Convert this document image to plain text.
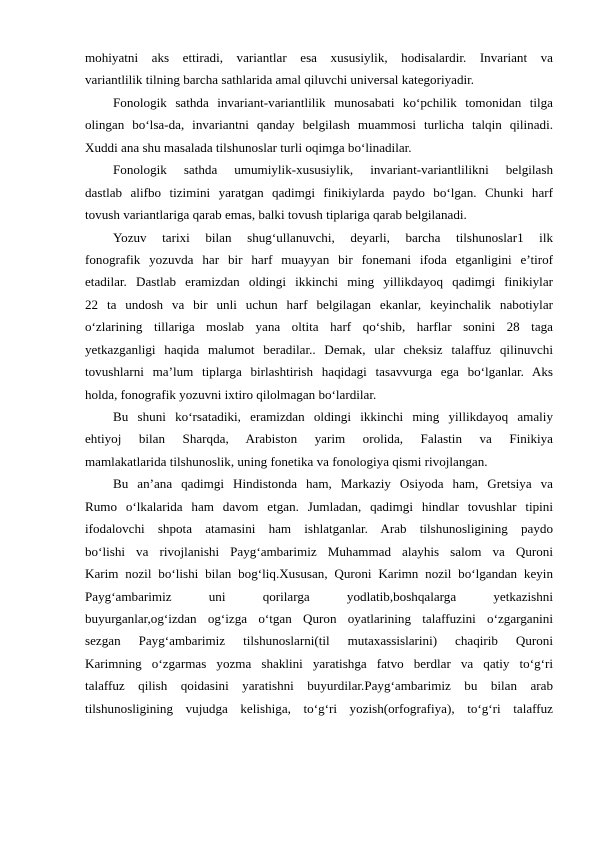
mohiyatni aks ettiradi, variantlar esa xususiylik, hodisalardir. Invariant va
variantlilik tilning barcha sathlarida amal qiluvchi universal kategoriyadir.
Fonologik sathda invariant-variantlilik munosabati ko‘pchilik tomonidan tilga
olingan bo‘lsa-da, invariantni qanday belgilash muammosi turlicha talqin qilinadi.
Xuddi ana shu masalada tilshunoslar turli oqimga bo‘linadilar.
Fonologik sathda umumiylik-xususiylik, invariant-variantlilikni belgilash
dastlab alifbo tizimini yaratgan qadimgi finikiylarda paydo bo‘lgan. Chunki harf
tovush variantlariga qarab emas, balki tovush tiplariga qarab belgilanadi.
Yozuv tarixi bilan shug‘ullanuvchi, deyarli, barcha tilshunoslar1 ilk
fonografik yozuvda har bir harf muayyan bir fonemani ifoda etganligini e’tirof
etadilar. Dastlab eramizdan oldingi ikkinchi ming yillikdayoq qadimgi finikiylar
22 ta undosh va bir unli uchun harf belgilagan ekanlar, keyinchalik nabotiylar
o‘zlarining tillariga moslab yana oltita harf qo‘shib, harflar sonini 28 taga
yetkazganligi haqida malumot beradilar.. Demak, ular cheksiz talaffuz qilinuvchi
tovushlarni ma’lum tiplarga birlashtirish haqidagi tasavvurga ega bo‘lganlar. Aks
holda, fonografik yozuvni ixtiro qilolmagan bo‘lardilar.
Bu shuni ko‘rsatadiki, eramizdan oldingi ikkinchi ming yillikdayoq amaliy
ehtiyoj bilan Sharqda, Arabiston yarim orolida, Falastin va Finikiya
mamlakatlarida tilshunoslik, uning fonetika va fonologiya qismi rivojlangan.
Bu an’ana qadimgi Hindistonda ham, Markaziy Osiyoda ham, Gretsiya va
Rumo o‘lkalarida ham davom etgan. Jumladan, qadimgi hindlar tovushlar tipini
ifodalovchi shpota atamasini ham ishlatganlar. Arab tilshunosligining paydo
bo‘lishi va rivojlanishi Payg‘ambarimiz Muhammad alayhis salom va Quroni
Karim nozil bo‘lishi bilan bog‘liq.Xususan, Quroni Karimn nozil bo‘lgandan keyin
Payg‘ambarimiz uni qorilarga yodlatib,boshqalarga yetkazishni
buyurganlar,og‘izdan og‘izga o‘tgan Quron oyatlarining talaffuzini o‘zgarganini
sezgan Payg‘ambarimiz tilshunoslarni(til mutaxassislarini) chaqirib Quroni
Karimning o‘zgarmas yozma shaklini yaratishga fatvo berdlar va qatiy to‘g‘ri
talaffuz qilish qoidasini yaratishni buyurdilar.Payg‘ambarimiz bu bilan arab
tilshunosligining vujudga kelishiga, to‘g‘ri yozish(orfografiya), to‘g‘ri talaffuz
